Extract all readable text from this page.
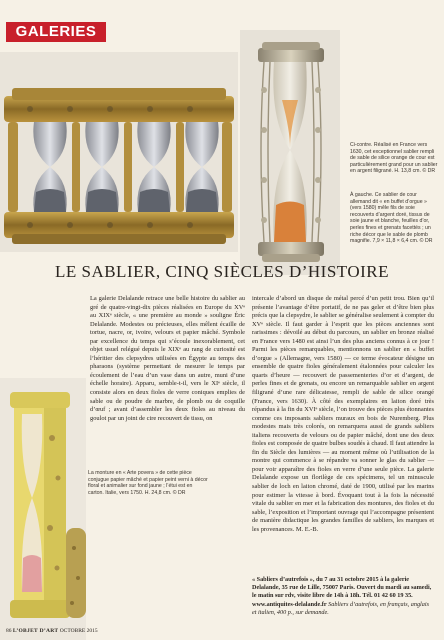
GALERIES
Ci-contre. Réalisé en France vers 1630, cet exceptionnel sablier rempli de sable de silice orange de cour est particulièrement grand pour un sablier en argent filigrané. H. 13,8 cm. © DR
À gauche. Ce sablier de cour allemand dit « en buffet d’orgue » (vers 1580) mêle fils de soie recouverts d’argent doré, tissus de soie jaune et blanche, feuilles d’or, perles fines et grenats facettés ; un riche décor que le sable de plomb magnifie. 7,9 × 11,8 × 6,4 cm. © DR
La monture en « Arte povera » de cette pièce conjugue papier mâché et papier peint verni à décor floral et animalier sur fond jaune ; l’étui est en carton. Italie, vers 1750. H. 24,8 cm. © DR
LE SABLIER, CINQ SIÈCLES D’HISTOIRE
La galerie Delalande retrace une belle histoire du sablier au gré de quatre-vingt-dix pièces réalisées en Europe du XVᵉ au XIXᵉ siècle, « une première au monde » souligne Éric Delalande. Modestes ou précieuses, elles mêlent écaille de tortue, nacre, or, ivoire, velours et papier mâché. Symbole par excellence du temps qui s’écoule inexorablement, cet objet usuel relégué depuis le XIXᵉ au rang de curiosité est l’héritier des clepsydres utilisées en Égypte au temps des pharaons (système permettant de mesurer le temps par écoulement de l’eau d’un vase dans un autre, muni d’une échelle horaire). Apparu, semble-t-il, vers le XIᵉ siècle, il consiste alors en deux fioles de verre coniques emplies de sable ou de poudre de marbre, de plomb ou de coquille d’œuf ; avant d’assembler les deux fioles au niveau du goulot par un joint de cire recouvert de tissu, on
intercale d’abord un disque de métal percé d’un petit trou. Bien qu’il présente l’avantage d’être portatif, de ne pas geler et d’être bien plus précis que la clepsydre, le sablier se généralise seulement à compter du XVᵉ siècle. Il faut garder à l’esprit que les pièces anciennes sont rarissimes : dévoilé au début du parcours, un sablier en bronze réalisé en France vers 1480 est ainsi l’un des plus anciens connus à ce jour ! Parmi les pièces remarquables, mentionnons un sablier en « buffet d’orgue » (Allemagne, vers 1580) — ce terme évocateur désigne un ensemble de quatre fioles généralement étalonnées pour calculer les quarts d’heure — recouvert de passementeries d’or et d’argent, de perles fines et de grenats, ou encore un remarquable sablier en argent filigrané d’une rare délicatesse, rempli de sable de silice orangé (France, vers 1630). À côté des exemplaires en laiton doré très répandus à la fin du XVIᵉ siècle, l’on trouve des pièces plus étonnantes comme ces imposants sabliers muraux en bois de Nuremberg. Plus modestes mais très colorés, on remarquera aussi de grands sabliers italiens recouverts de velours ou de papier mâché, dont une des deux fioles est composée de quatre bulbes soudés à chaud. Il faut attendre la fin du Siècle des lumières — au moment même où l’utilisation de la montre qui commence à se répandre va sonner le glas du sablier — pour voir apparaître des fioles en verre d’une seule pièce. La galerie Delalande expose un florilège de ces spécimens, tel un minuscule sablier de loch en laiton chromé, daté de 1900, utilisé par les marins pour estimer la vitesse à bord. Évoquant tout à la fois la nécessité vitale du sablier en mer et la fabrication des montures, des fioles et du sable, l’exposition et l’important ouvrage qui l’accompagne présentent de manière didactique les grandes familles de sabliers, les marques et les provenances. M. E.-B.
« Sabliers d’autrefois », du 7 au 31 octobre 2015 à la galerie Delalande, 35 rue de Lille, 75007 Paris. Ouvert du mardi au samedi, le matin sur rdv, visite libre de 14h à 18h. Tél. 01 42 60 19 35. www.antiquites-delalande.fr Sabliers d’autrefois, en français, anglais et italien, 400 p., sur demande.
86 L’OBJET D’ART OCTOBRE 2015
